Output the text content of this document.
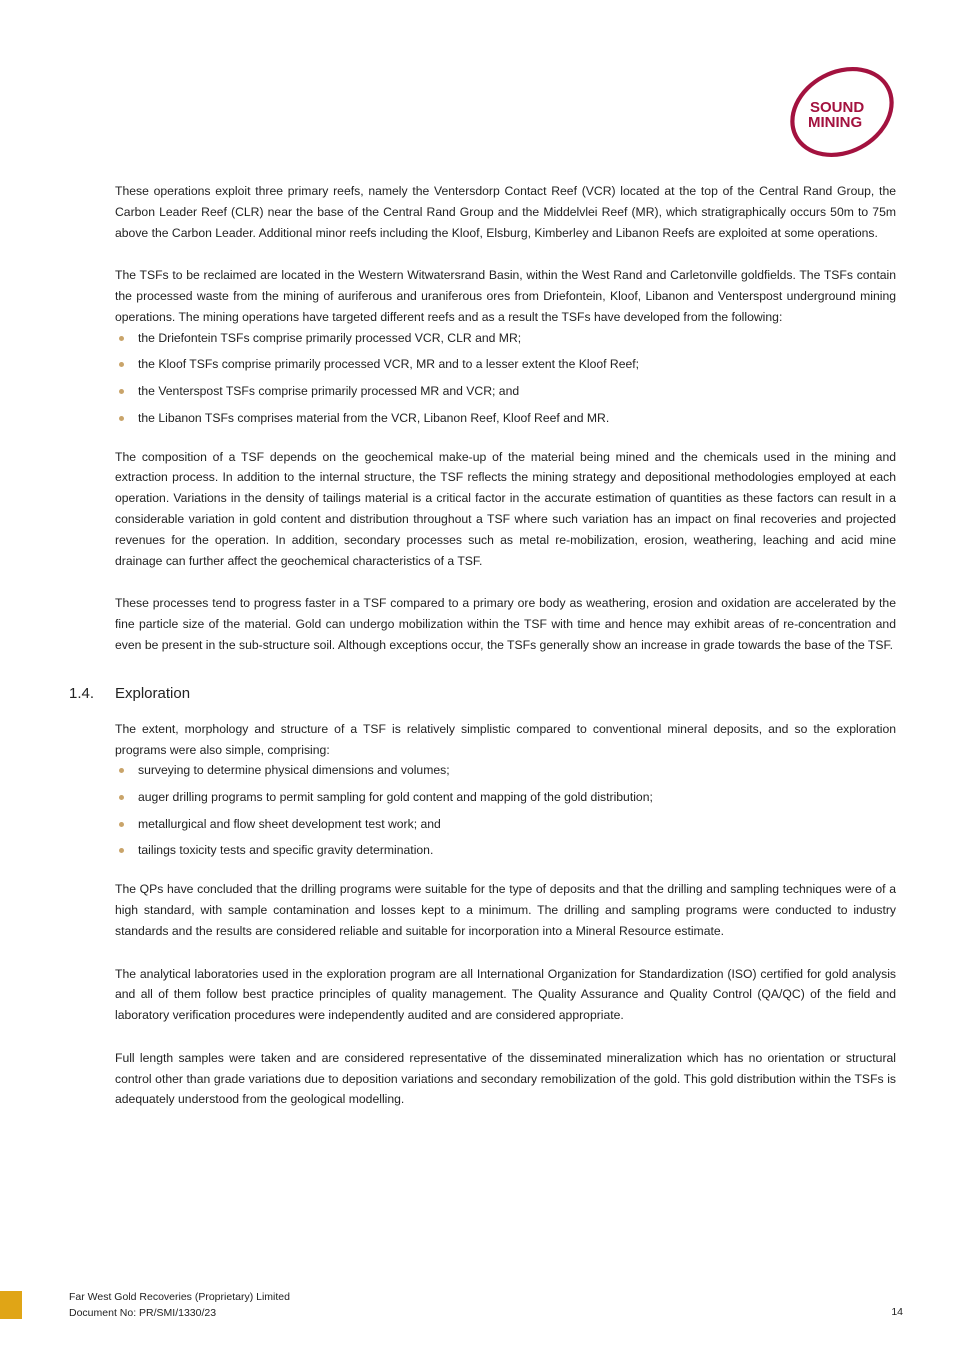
SOUND
MINING

These operations exploit three primary reefs, namely the Ventersdorp Contact Reef (VCR) located at the top of the Central Rand Group, the Carbon Leader Reef (CLR) near the base of the Central Rand Group and the Middelvlei Reef (MR), which stratigraphically occurs 50m to 75m above the Carbon Leader. Additional minor reefs including the Kloof, Elsburg, Kimberley and Libanon Reefs are exploited at some operations.

The TSFs to be reclaimed are located in the Western Witwatersrand Basin, within the West Rand and Carletonville goldfields. The TSFs contain the processed waste from the mining of auriferous and uraniferous ores from Driefontein, Kloof, Libanon and Venterspost underground mining operations. The mining operations have targeted different reefs and as a result the TSFs have developed from the following:

the Driefontein TSFs comprise primarily processed VCR, CLR and MR;
the Kloof TSFs comprise primarily processed VCR, MR and to a lesser extent the Kloof Reef;
the Venterspost TSFs comprise primarily processed MR and VCR; and
the Libanon TSFs comprises material from the VCR, Libanon Reef, Kloof Reef and MR.

The composition of a TSF depends on the geochemical make-up of the material being mined and the chemicals used in the mining and extraction process. In addition to the internal structure, the TSF reflects the mining strategy and depositional methodologies employed at each operation. Variations in the density of tailings material is a critical factor in the accurate estimation of quantities as these factors can result in a considerable variation in gold content and distribution throughout a TSF where such variation has an impact on final recoveries and projected revenues for the operation. In addition, secondary processes such as metal re-mobilization, erosion, weathering, leaching and acid mine drainage can further affect the geochemical characteristics of a TSF.

These processes tend to progress faster in a TSF compared to a primary ore body as weathering, erosion and oxidation are accelerated by the fine particle size of the material. Gold can undergo mobilization within the TSF with time and hence may exhibit areas of re-concentration and even be present in the sub-structure soil. Although exceptions occur, the TSFs generally show an increase in grade towards the base of the TSF.

1.4. Exploration

The extent, morphology and structure of a TSF is relatively simplistic compared to conventional mineral deposits, and so the exploration programs were also simple, comprising:

surveying to determine physical dimensions and volumes;
auger drilling programs to permit sampling for gold content and mapping of the gold distribution;
metallurgical and flow sheet development test work; and
tailings toxicity tests and specific gravity determination.

The QPs have concluded that the drilling programs were suitable for the type of deposits and that the drilling and sampling techniques were of a high standard, with sample contamination and losses kept to a minimum. The drilling and sampling programs were conducted to industry standards and the results are considered reliable and suitable for incorporation into a Mineral Resource estimate.

The analytical laboratories used in the exploration program are all International Organization for Standardization (ISO) certified for gold analysis and all of them follow best practice principles of quality management. The Quality Assurance and Quality Control (QA/QC) of the field and laboratory verification procedures were independently audited and are considered appropriate.

Full length samples were taken and are considered representative of the disseminated mineralization which has no orientation or structural control other than grade variations due to deposition variations and secondary remobilization of the gold. This gold distribution within the TSFs is adequately understood from the geological modelling.

Far West Gold Recoveries (Proprietary) Limited
Document No: PR/SMI/1330/23	14
